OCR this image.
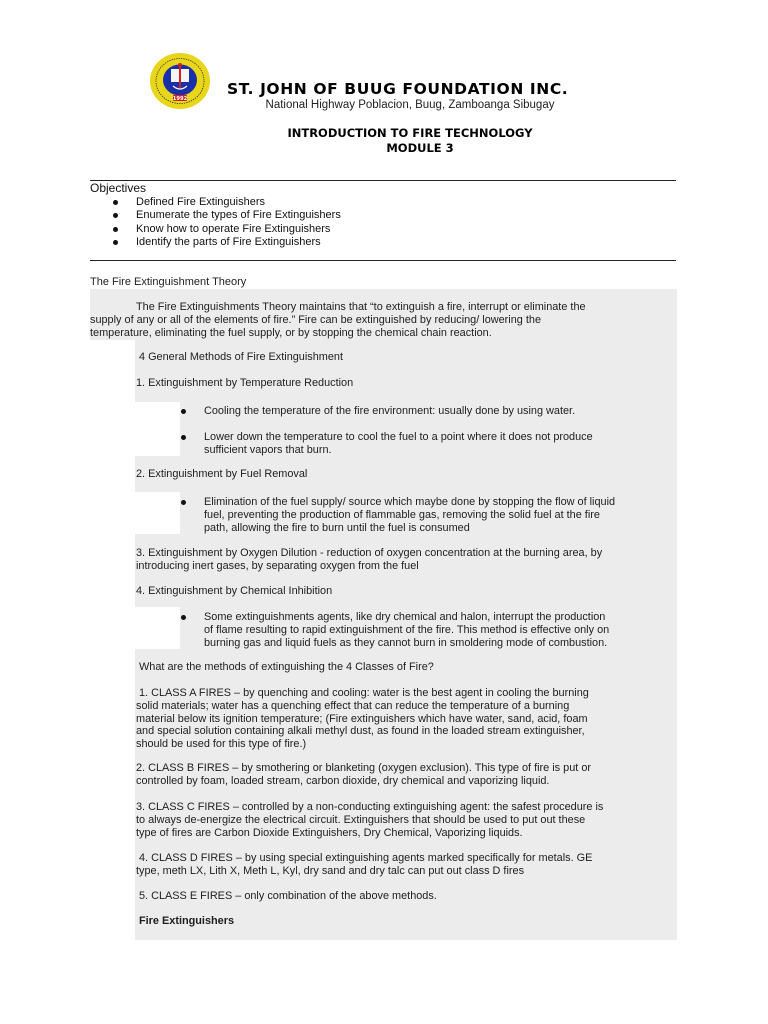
1992
ST. JOHN OF BUUG FOUNDATION INC.
National Highway Poblacion, Buug, Zamboanga Sibugay
INTRODUCTION TO FIRE TECHNOLOGY
MODULE 3
Objectives
Defined Fire Extinguishers
Enumerate the types of Fire Extinguishers
Know how to operate Fire Extinguishers
Identify the parts of Fire Extinguishers
The Fire Extinguishment Theory
The Fire Extinguishments Theory maintains that “to extinguish a fire, interrupt or eliminate the
supply of any or all of the elements of fire.” Fire can be extinguished by reducing/ lowering the
temperature, eliminating the fuel supply, or by stopping the chemical chain reaction.
4 General Methods of Fire Extinguishment
1. Extinguishment by Temperature Reduction
Cooling the temperature of the fire environment: usually done by using water.
Lower down the temperature to cool the fuel to a point where it does not produce
sufficient vapors that burn.
2. Extinguishment by Fuel Removal
Elimination of the fuel supply/ source which maybe done by stopping the flow of liquid
fuel, preventing the production of flammable gas, removing the solid fuel at the fire
path, allowing the fire to burn until the fuel is consumed
3. Extinguishment by Oxygen Dilution - reduction of oxygen concentration at the burning area, by
introducing inert gases, by separating oxygen from the fuel
4. Extinguishment by Chemical Inhibition
Some extinguishments agents, like dry chemical and halon, interrupt the production
of flame resulting to rapid extinguishment of the fire. This method is effective only on
burning gas and liquid fuels as they cannot burn in smoldering mode of combustion.
What are the methods of extinguishing the 4 Classes of Fire?
1. CLASS A FIRES – by quenching and cooling: water is the best agent in cooling the burning
solid materials; water has a quenching effect that can reduce the temperature of a burning
material below its ignition temperature; (Fire extinguishers which have water, sand, acid, foam
and special solution containing alkali methyl dust, as found in the loaded stream extinguisher,
should be used for this type of fire.)
2. CLASS B FIRES – by smothering or blanketing (oxygen exclusion). This type of fire is put or
controlled by foam, loaded stream, carbon dioxide, dry chemical and vaporizing liquid.
3. CLASS C FIRES – controlled by a non-conducting extinguishing agent: the safest procedure is
to always de-energize the electrical circuit. Extinguishers that should be used to put out these
type of fires are Carbon Dioxide Extinguishers, Dry Chemical, Vaporizing liquids.
4. CLASS D FIRES – by using special extinguishing agents marked specifically for metals. GE
type, meth LX, Lith X, Meth L, Kyl, dry sand and dry talc can put out class D fires
5. CLASS E FIRES – only combination of the above methods.
Fire Extinguishers
